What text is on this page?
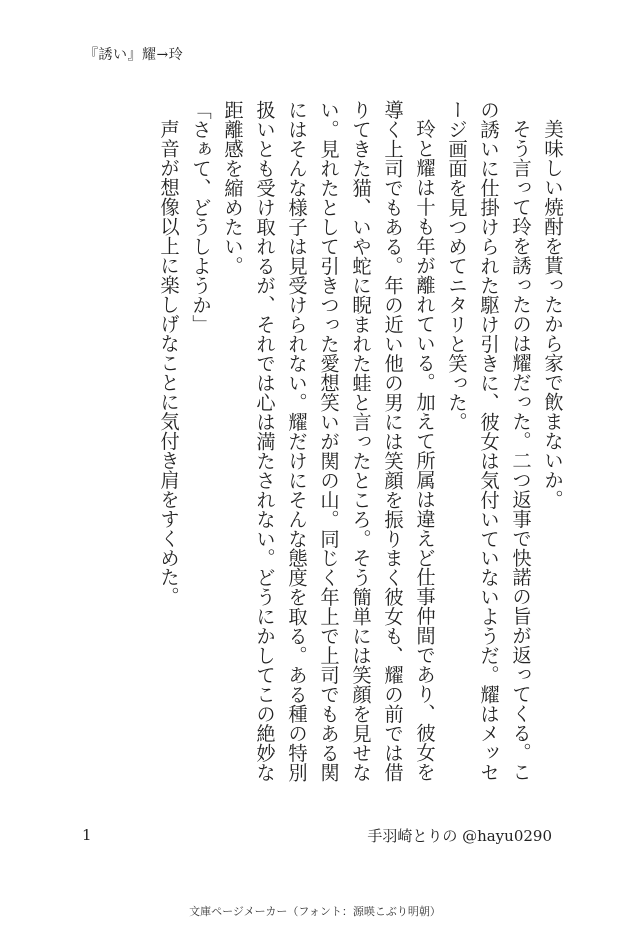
『誘い』耀→玲

美味しい焼酎を貰ったから家で飲まないか。

そう言って玲を誘ったのは耀だった。二つ返事で快諾の旨が返ってくる。この誘いに仕掛けられた駆け引きに、彼女は気付いていないようだ。耀はメッセージ画面を見つめてニタリと笑った。

玲と耀は十も年が離れている。加えて所属は違えど仕事仲間であり、彼女を導く上司でもある。年の近い他の男には笑顔を振りまく彼女も、耀の前では借りてきた猫、いや蛇に睨まれた蛙と言ったところ。そう簡単には笑顔を見せない。見れたとして引きつった愛想笑いが関の山。同じく年上で上司でもある関にはそんな様子は見受けられない。耀だけにそんな態度を取る。ある種の特別扱いとも受け取れるが、それでは心は満たされない。どうにかしてこの絶妙な距離感を縮めたい。

「さぁて、どうしようか」

声音が想像以上に楽しげなことに気付き肩をすくめた。

1	手羽崎とりの @hayu0290
文庫ページメーカー（フォント：源暎こぶり明朝）
